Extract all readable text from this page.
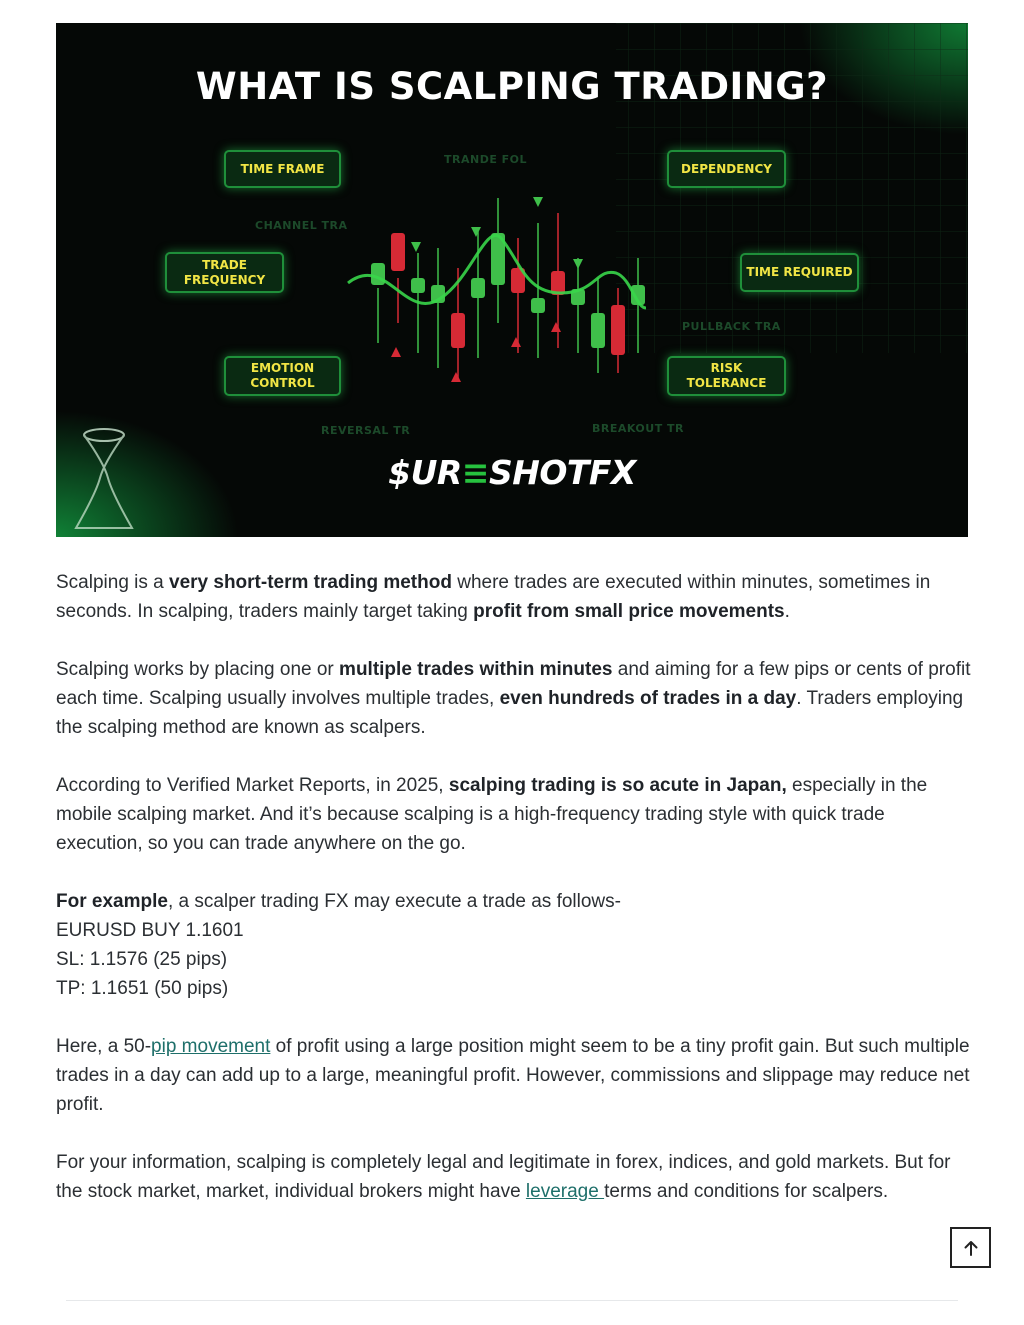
WHAT IS SCALPING TRADING?
TIME FRAME	DEPENDENCY
TRADE
FREQUENCY
TIME REQUIRED
EMOTION
CONTROL
RISK TOLERANCE
TRANDE FOL
CHANNEL TRA
PULLBACK TRA
REVERSAL TR	BREAKOUT TR
$UR≡SHOTFX

Scalping is a very short-term trading method where trades are executed within minutes, sometimes in seconds. In scalping, traders mainly target taking profit from small price movements.

Scalping works by placing one or multiple trades within minutes and aiming for a few pips or cents of profit each time. Scalping usually involves multiple trades, even hundreds of trades in a day. Traders employing the scalping method are known as scalpers.

According to Verified Market Reports, in 2025, scalping trading is so acute in Japan, especially in the mobile scalping market. And it’s because scalping is a high-frequency trading style with quick trade execution, so you can trade anywhere on the go.

For example, a scalper trading FX may execute a trade as follows-
EURUSD BUY 1.1601
SL: 1.1576 (25 pips)
TP: 1.1651 (50 pips)

Here, a 50-pip movement of profit using a large position might seem to be a tiny profit gain. But such multiple trades in a day can add up to a large, meaningful profit. However, commissions and slippage may reduce net profit.

For your information, scalping is completely legal and legitimate in forex, indices, and gold markets. But for the stock market, market, individual brokers might have leverage terms and conditions for scalpers.
